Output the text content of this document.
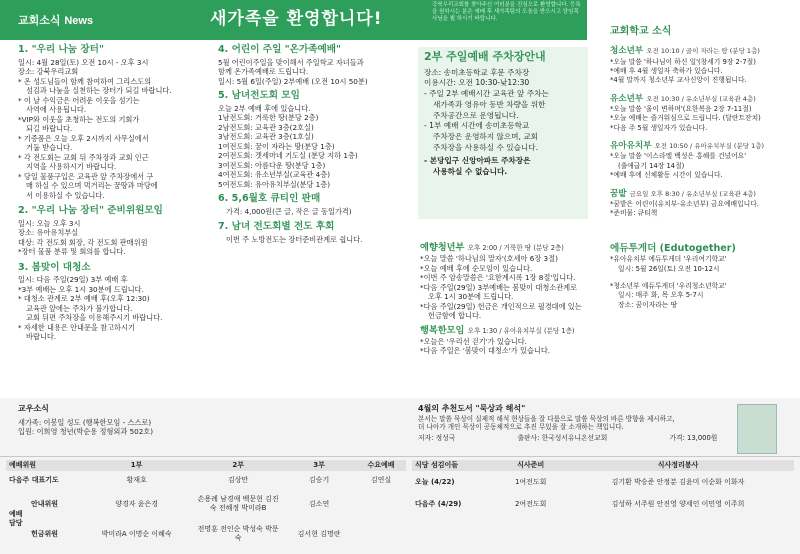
교회소식 News	새가족을 환영합니다!
강북우리교회를 찾아주신 여러분을 진심으로 환영합니다. 등록을 원하시는 분은 예배 후 새가족팀의 도움을 받으시고 담임목사님을 뵙 하시기 바랍니다.
1. "우리 나눔 장터"
일시: 4월 28일(토) 오전 10시 - 오후 3시
장소: 강북우리교회
* 온 성도님들이 함께 참여하여 그리스도의
섬김과 나눔을 실천하는 장터가 되길 바랍니다.
* 이 날 수익금은 어려운 이웃을 섬기는
사역에 사용됩니다.
*VIP와 이웃을 초청하는 전도의 기회가
되길 바랍니다.
* 기증품은 오늘 오후 2시까지 사무실에서
거둡 받습니다.
* 각 전도회는 교회 뒤 주차장과 교회 인근
지역을 사용하시기 바랍니다.
* 당일 물품구입은 교육관 앞 주차장에서 구
매 하실 수 있으며 먹거리는 꿈땅과 마당에
서 이용하실 수 있습니다.
2. "우리 나눔 장터" 준비위원모임
일시: 오늘 오후 3시
장소: 유아유치부실
대상: 각 전도회 회장, 각 전도회 판매위원
*장터 물품 분류 및 회의를 합니다.
3. 봄맞이 대청소
일시: 다음 주일(29일) 3부 예배 후
*3부 예배는 오후 1시 30분에 드립니다.
* 대청소 관계로 2부 예배 후(오후 12:30)
교육관 앞에는 주차가 불가합니다.
교회 뒤편 주차장을 이용해주시기 바랍니다.
* 자세한 내용은 안내문을 참고하시기
바랍니다.
4. 어린이 주일 "온가족예배"
5월 어린이주일을 맞이해서 주일학교 자녀들과
함께 온가족예배로 드립니다.
일시: 5월 6일(주일) 2부예배 (오전 10시 50분)
5. 남녀전도회 모임
오늘 2부 예배 후에 있습니다.
1남전도회: 거룩한 땅(분당 2층)
2남전도회: 교육관 3층(2호실)
3남전도회: 교육관 3층(1호실)
1여전도회: 꿈이 자라는 땅(분당 1층)
2여전도회: 겟세마네 기도실 (분당 지하 1층)
3여전도회: 아름다운 땅(분당 1층)
4여전도회: 유소년부실(교육관 4층)
5여전도회: 유아유치부실(분당 1층)
6. 5,6월호 큐티인 판매
가격: 4,000원(큰 글, 작은 글 동일가격)
7. 남녀 전도회별 전도 후회
이번 주 노방전도는 장터준비관계로 쉽니다.
2부 주일예배 주차장안내
장소: 송미초등학교 후문 주차장
이용시간: 오전 10:30-낮12:30
- 주일 2부 예배시간 교육관 앞 주차는
새가족과 영유아 동반 차량을 위한
주차공간으로 운영됩니다.
- 1부 예배 시간에 송미초등학교
주차장은 운영하지 않으며, 교회
주차장을 사용하실 수 있습니다.
- 본당입구 신앙아파트 주차장은
사용하실 수 없습니다.
예향청년부 오후 2:00 / 거룩한 땅 (분당 2층)
*오늘 말씀 '하나님의 말자'(호세아 6장 3절)
*오늘 예배 후에 순모임이 있습니다.
*이번 주 암송말씀은 '요한계시록 1장 8절'입니다.
*다음 주일(29일) 3부예배는 봄맞이 대청소관계로
오후 1시 30분에 드립니다.
*다음 주일(29일) 헌금은 개인적으로 필경대에 있는
헌금함에 합니다.
행복한모임 오후 1:30 / 유아유치부실 (분당 1층)
*오늘은 '우리선 걷기'가 있습니다.
*다음 주일은 '봄맞이 대청소'가 있습니다.
교회학교 소식
청소년부 오전 10:10 / 골이 자라는 땅 (분당 1층)
*오늘 말씀 '하나님이 하신 일'(창세기 9장 2-7절)
*예배 후 4월 생일자 축하가 있습니다.
*4월 말까지 청소년부 교사신앙이 진행됩니다.
유소년부 오전 10:30 / 유소년부실 (교육관 4층)
*오늘 말씀 '울이 변하며'(요한복음 2장 7-11절)
*오늘 예배는 즐거워심으로 드립니다. (달란트잔치)
*다음 주 5월 생일자가 있습니다.
유아유치부 오전 10:50 / 유아유치부실 (분당 1층)
*오늘 말씀 '이스라엘 백성은 홍해를 건넜어요'
(출애굽기 14장 14절)
*예배 후에 신체활동 시간이 있습니다.
꿈밭 금요일 오후 8:30 / 유소년부실 (교육관 4층)
*꿈밭은 어린이(유치부-유소년부) 금요예배입니다.
*준비물: 큐티책
에듀투게더 (Edutogether)
*유아유치부 에듀투게더 '우리여기학교'
일시: 5월 26일(토) 오전 10-12시
*청소년부 에듀투게더 '우리청소년학교'
일시: 매주 화, 목 오후 5-7시
장소: 꿈이자라는 땅
교우소식
새가족: 이봉일 성도 (행복한모임 - 스스로)
입원: 이희영 청년(박순용 정형외과 502호)
4월의 추천도서 "묵상과 해석"
본서는 말씀 묵상이 실제적 해석 현상들을 잘 다룸으로 말씀 묵상의 바른 방향을 제시하고,
더 나아가 개인 묵상이 공동체적으로 추진 무있을 잘 소개하는 책입니다.
저자: 정성국	출판사: 한국성서유니온선교회	가격: 13,000원
예배위원		1부	2부	3부	수요예배
다음주 대표기도		황재호	김상만	김승기	김연실
예배 담당	안내위원	양경자 윤은경	손용례 남경애 백문현 김진숙 전혜정 박미라B	김소연	
	헌금위원	박미라A 이명순 이혜숙	전명훈 전인순 박성숙 박문숙	김서현 김명란	
식당 섬김이들	식사준비	식사정리봉사
오늘 (4/22)	1여전도회	김기환 박승준 안정분 김윤미 이순화 이화자
다음주 (4/29)	2여전도회	김성하 서주원 안진영 양세인 이민영 이주희
